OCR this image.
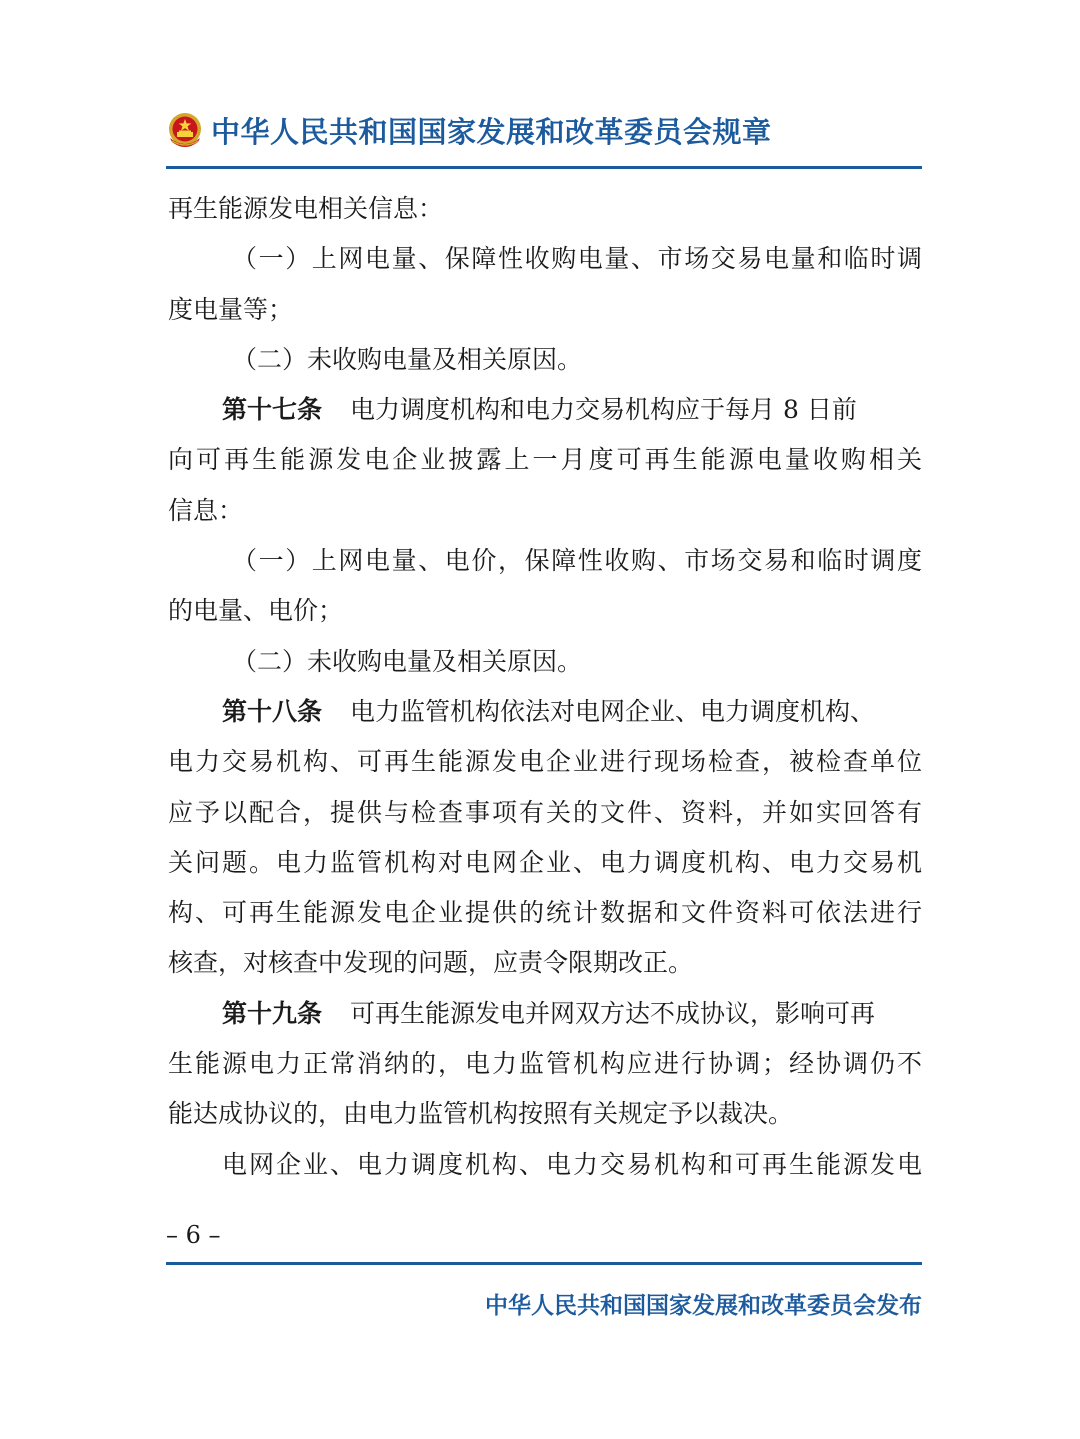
中华人民共和国国家发展和改革委员会规章
再生能源发电相关信息：
（一）上网电量、保障性收购电量、市场交易电量和临时调
度电量等；
（二）未收购电量及相关原因。
第十七条 电力调度机构和电力交易机构应于每月 8 日前
向可再生能源发电企业披露上一月度可再生能源电量收购相关
信息：
（一）上网电量、电价，保障性收购、市场交易和临时调度
的电量、电价；
（二）未收购电量及相关原因。
第十八条 电力监管机构依法对电网企业、电力调度机构、
电力交易机构、可再生能源发电企业进行现场检查，被检查单位
应予以配合，提供与检查事项有关的文件、资料，并如实回答有
关问题。电力监管机构对电网企业、电力调度机构、电力交易机
构、可再生能源发电企业提供的统计数据和文件资料可依法进行
核查，对核查中发现的问题，应责令限期改正。
第十九条 可再生能源发电并网双方达不成协议，影响可再
生能源电力正常消纳的，电力监管机构应进行协调；经协调仍不
能达成协议的，由电力监管机构按照有关规定予以裁决。
电网企业、电力调度机构、电力交易机构和可再生能源发电
– 6 –
中华人民共和国国家发展和改革委员会发布
